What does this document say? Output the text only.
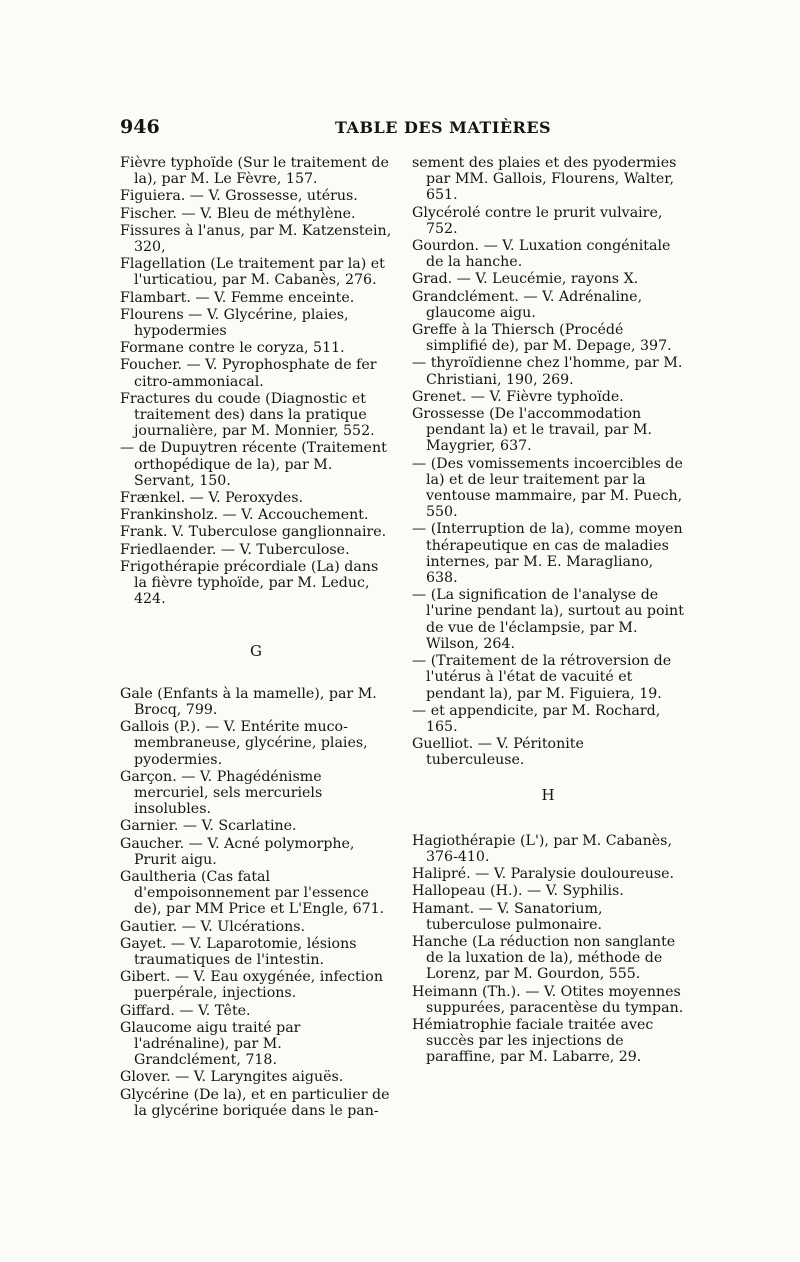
946	TABLE DES MATIÈRES

Fièvre typhoïde (Sur le traitement de la), par M. Le Fèvre, 157.

Figuiera. — V. Grossesse, utérus.

Fischer. — V. Bleu de méthylène.

Fissures à l'anus, par M. Katzenstein, 320,

Flagellation (Le traitement par la) et l'urticatiou, par M. Cabanès, 276.

Flambart. — V. Femme enceinte.

Flourens — V. Glycérine, plaies, hypodermies

Formane contre le coryza, 511.

Foucher. — V. Pyrophosphate de fer citro-ammoniacal.

Fractures du coude (Diagnostic et traitement des) dans la pratique journalière, par M. Monnier, 552.

— de Dupuytren récente (Traitement orthopédique de la), par M. Servant, 150.

Frænkel. — V. Peroxydes.

Frankinsholz. — V. Accouchement.

Frank. V. Tuberculose ganglionnaire.

Friedlaender. — V. Tuberculose.

Frigothérapie précordiale (La) dans la fièvre typhoïde, par M. Leduc, 424.

G

Gale (Enfants à la mamelle), par M. Brocq, 799.

Gallois (P.). — V. Entérite muco-membraneuse, glycérine, plaies, pyodermies.

Garçon. — V. Phagédénisme mercuriel, sels mercuriels insolubles.

Garnier. — V. Scarlatine.

Gaucher. — V. Acné polymorphe, Prurit aigu.

Gaultheria (Cas fatal d'empoisonnement par l'essence de), par MM Price et L'Engle, 671.

Gautier. — V. Ulcérations.

Gayet. — V. Laparotomie, lésions traumatiques de l'intestin.

Gibert. — V. Eau oxygénée, infection puerpérale, injections.

Giffard. — V. Tête.

Glaucome aigu traité par l'adrénaline), par M. Grandclément, 718.

Glover. — V. Laryngites aiguës.

Glycérine (De la), et en particulier de la glycérine boriquée dans le pan-

sement des plaies et des pyodermies par MM. Gallois, Flourens, Walter, 651.

Glycérolé contre le prurit vulvaire, 752.

Gourdon. — V. Luxation congénitale de la hanche.

Grad. — V. Leucémie, rayons X.

Grandclément. — V. Adrénaline, glaucome aigu.

Greffe à la Thiersch (Procédé simplifié de), par M. Depage, 397.

— thyroïdienne chez l'homme, par M. Christiani, 190, 269.

Grenet. — V. Fièvre typhoïde.

Grossesse (De l'accommodation pendant la) et le travail, par M. Maygrier, 637.

— (Des vomissements incoercibles de la) et de leur traitement par la ventouse mammaire, par M. Puech, 550.

— (Interruption de la), comme moyen thérapeutique en cas de maladies internes, par M. E. Maragliano, 638.

— (La signification de l'analyse de l'urine pendant la), surtout au point de vue de l'éclampsie, par M. Wilson, 264.

— (Traitement de la rétroversion de l'utérus à l'état de vacuité et pendant la), par M. Figuiera, 19.

— et appendicite, par M. Rochard, 165.

Guelliot. — V. Péritonite tuberculeuse.

H

Hagiothérapie (L'), par M. Cabanès, 376-410.

Halipré. — V. Paralysie douloureuse.

Hallopeau (H.). — V. Syphilis.

Hamant. — V. Sanatorium, tuberculose pulmonaire.

Hanche (La réduction non sanglante de la luxation de la), méthode de Lorenz, par M. Gourdon, 555.

Heimann (Th.). — V. Otites moyennes suppurées, paracentèse du tympan.

Hémiatrophie faciale traitée avec succès par les injections de paraffine, par M. Labarre, 29.
